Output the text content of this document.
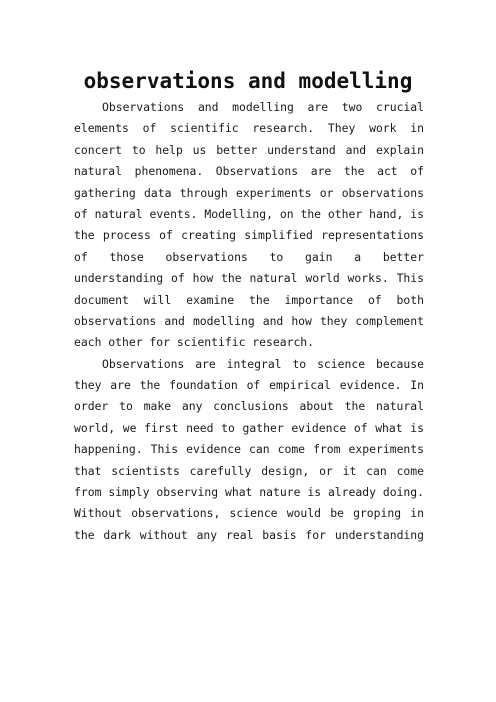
observations and modelling
Observations and modelling are two crucial
elements of scientific research. They work in
concert to help us better understand and explain
natural phenomena. Observations are the act of
gathering data through experiments or observations
of natural events. Modelling, on the other hand, is
the process of creating simplified representations
of those observations to gain a better
understanding of how the natural world works. This
document will examine the importance of both
observations and modelling and how they complement
each other for scientific research.
Observations are integral to science because
they are the foundation of empirical evidence. In
order to make any conclusions about the natural
world, we first need to gather evidence of what is
happening. This evidence can come from experiments
that scientists carefully design, or it can come
from simply observing what nature is already doing.
Without observations, science would be groping in
the dark without any real basis for understanding
